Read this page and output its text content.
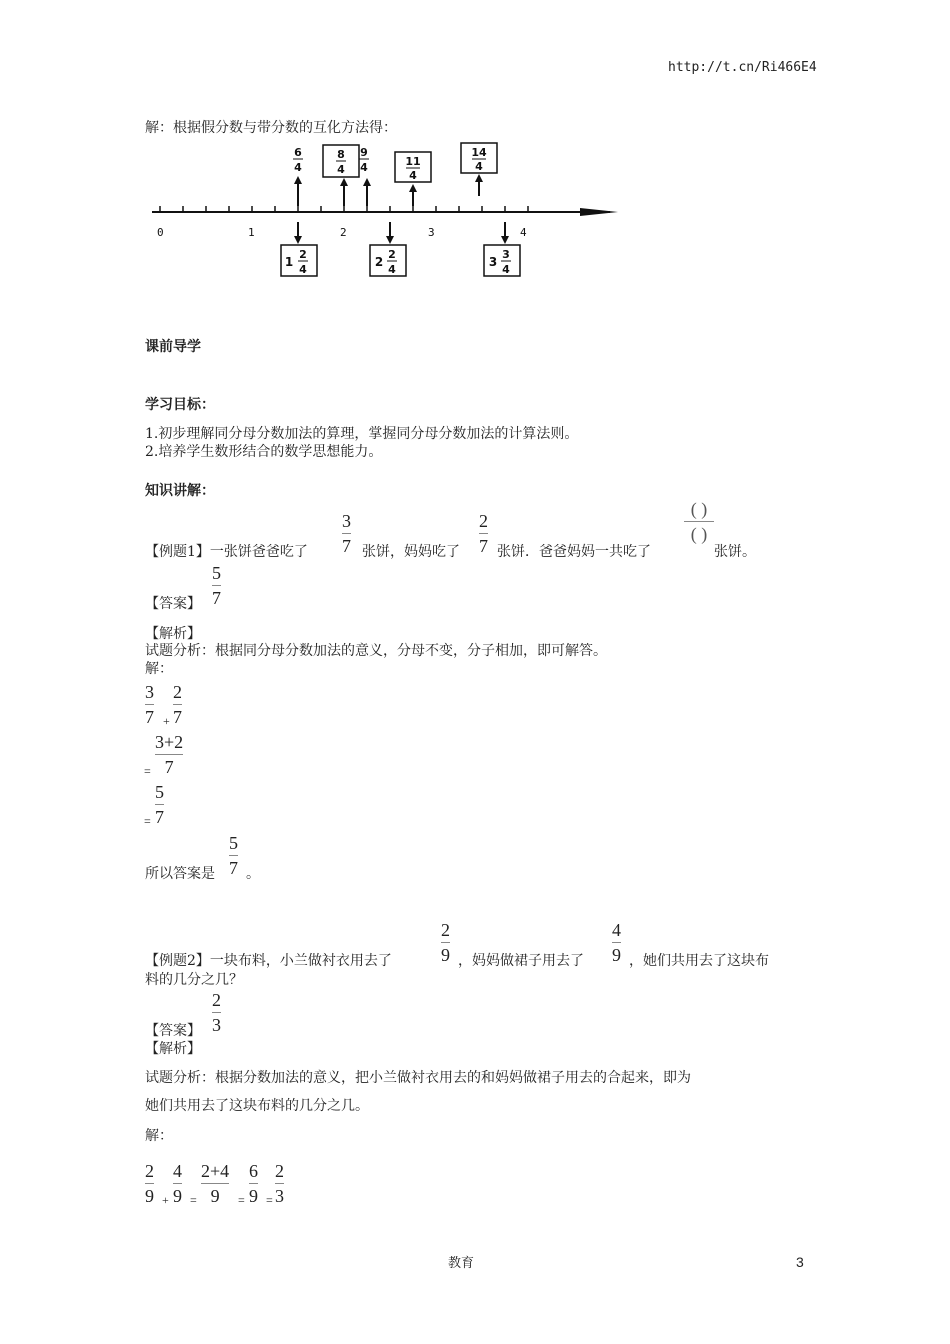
http://t.cn/Ri466E4
解：根据假分数与带分数的互化方法得：
0	1	2	3	4
6
4
8
4
9
4	11
4
14
4
1
2
4
2
2
4
3
3
4
课前导学
学习目标：
1.初步理解同分母分数加法的算理，掌握同分母分数加法的计算法则。
2.培养学生数形结合的数学思想能力。
知识讲解：
【例题1】一张饼爸爸吃了
3
7 张饼，妈妈吃了
2
7 张饼．爸爸妈妈一共吃了
( )
( )
张饼。
【答案】
5
7
【解析】
试题分析：根据同分母分数加法的意义，分母不变，分子相加，即可解答。
解：
3
7 +
2
7
=
3+2
7
=
5
7
所以答案是
5
7 。
【例题2】一块布料，小兰做衬衣用去了
2
9 ，妈妈做裙子用去了
4
9 ，她们共用去了这块布
料的几分之几？
【答案】
2
3
【解析】
试题分析：根据分数加法的意义，把小兰做衬衣用去的和妈妈做裙子用去的合起来，即为
她们共用去了这块布料的几分之几。
解：
2
9 +
4
9 =
2+4
9	=
6
9 =
2
3
教育	3
